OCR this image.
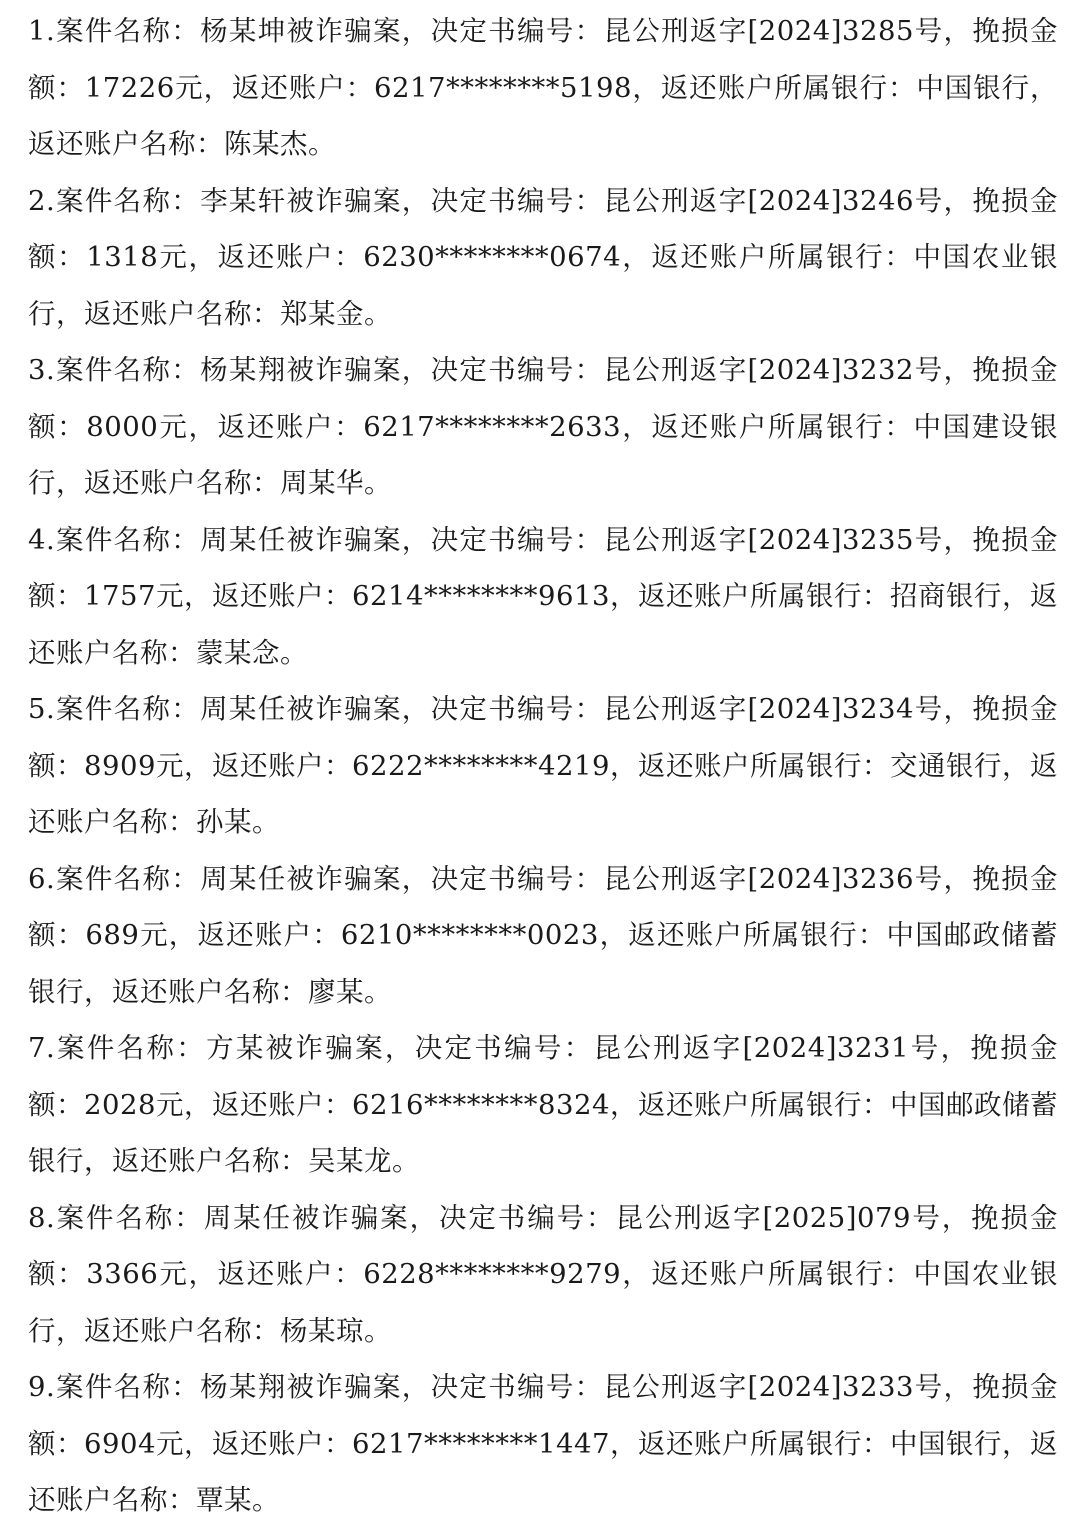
1.案件名称：杨某坤被诈骗案，决定书编号：昆公刑返字[2024]3285号，挽损金额：17226元，返还账户：6217********5198，返还账户所属银行：中国银行，返还账户名称：陈某杰。

2.案件名称：李某轩被诈骗案，决定书编号：昆公刑返字[2024]3246号，挽损金额：1318元，返还账户：6230********0674，返还账户所属银行：中国农业银行，返还账户名称：郑某金。

3.案件名称：杨某翔被诈骗案，决定书编号：昆公刑返字[2024]3232号，挽损金额：8000元，返还账户：6217********2633，返还账户所属银行：中国建设银行，返还账户名称：周某华。

4.案件名称：周某任被诈骗案，决定书编号：昆公刑返字[2024]3235号，挽损金额：1757元，返还账户：6214********9613，返还账户所属银行：招商银行，返还账户名称：蒙某念。

5.案件名称：周某任被诈骗案，决定书编号：昆公刑返字[2024]3234号，挽损金额：8909元，返还账户：6222********4219，返还账户所属银行：交通银行，返还账户名称：孙某。

6.案件名称：周某任被诈骗案，决定书编号：昆公刑返字[2024]3236号，挽损金额：689元，返还账户：6210********0023，返还账户所属银行：中国邮政储蓄银行，返还账户名称：廖某。

7.案件名称：方某被诈骗案，决定书编号：昆公刑返字[2024]3231号，挽损金额：2028元，返还账户：6216********8324，返还账户所属银行：中国邮政储蓄银行，返还账户名称：吴某龙。

8.案件名称：周某任被诈骗案，决定书编号：昆公刑返字[2025]079号，挽损金额：3366元，返还账户：6228********9279，返还账户所属银行：中国农业银行，返还账户名称：杨某琼。

9.案件名称：杨某翔被诈骗案，决定书编号：昆公刑返字[2024]3233号，挽损金额：6904元，返还账户：6217********1447，返还账户所属银行：中国银行，返还账户名称：覃某。
